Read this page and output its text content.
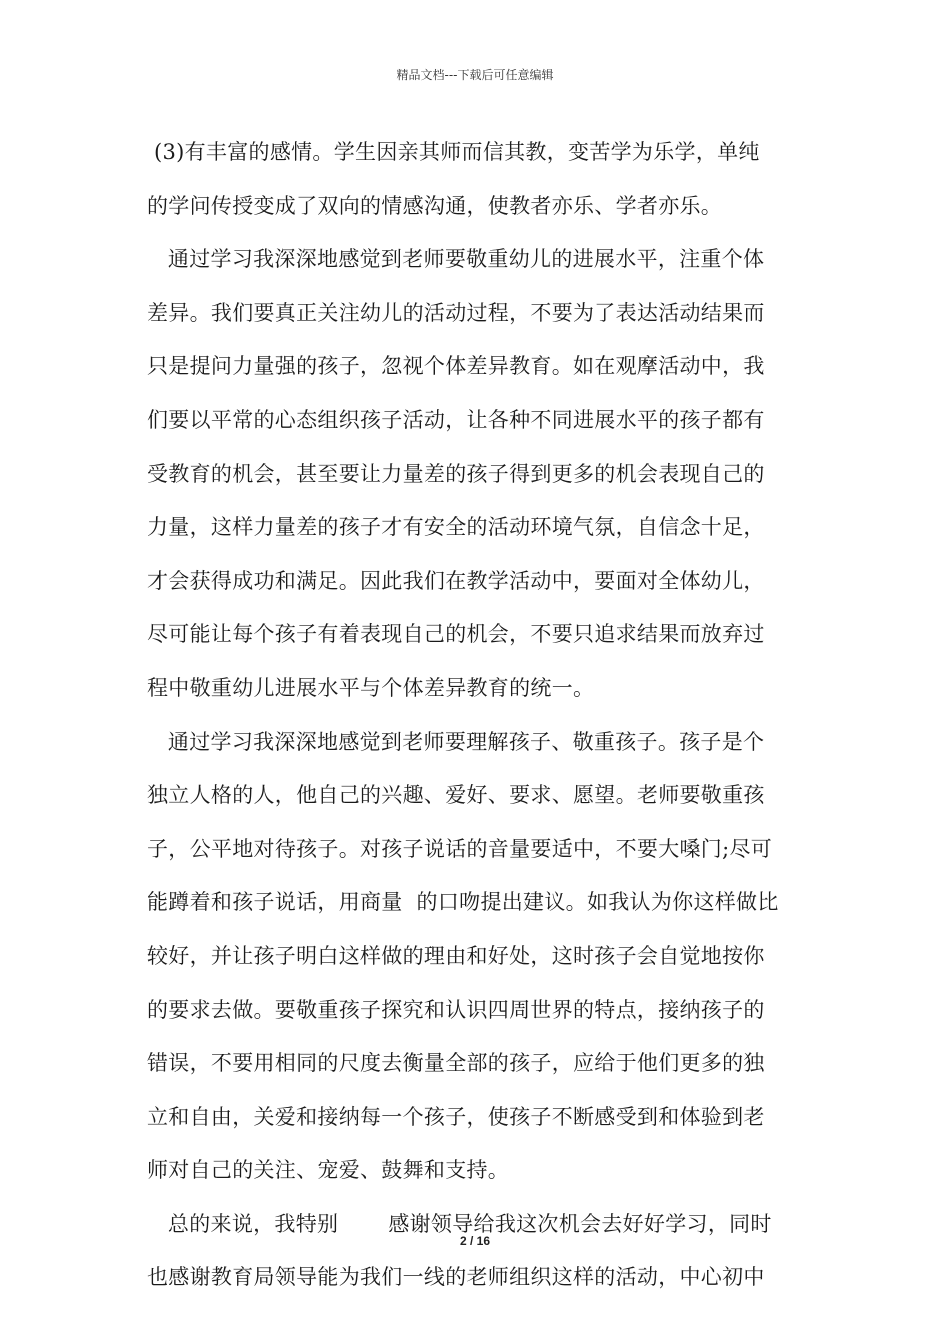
精品文档---下载后可任意编辑
(3)有丰富的感情。学生因亲其师而信其教，变苦学为乐学，单纯
的学问传授变成了双向的情感沟通，使教者亦乐、学者亦乐。
通过学习我深深地感觉到老师要敬重幼儿的进展水平，注重个体
差异。我们要真正关注幼儿的活动过程，不要为了表达活动结果而
只是提问力量强的孩子，忽视个体差异教育。如在观摩活动中，我
们要以平常的心态组织孩子活动，让各种不同进展水平的孩子都有
受教育的机会，甚至要让力量差的孩子得到更多的机会表现自己的
力量，这样力量差的孩子才有安全的活动环境气氛，自信念十足，
才会获得成功和满足。因此我们在教学活动中，要面对全体幼儿，
尽可能让每个孩子有着表现自己的机会，不要只追求结果而放弃过
程中敬重幼儿进展水平与个体差异教育的统一。
通过学习我深深地感觉到老师要理解孩子、敬重孩子。孩子是个
独立人格的人，他自己的兴趣、爱好、要求、愿望。老师要敬重孩
子，公平地对待孩子。对孩子说话的音量要适中，不要大嗓门;尽可
能蹲着和孩子说话，用商量  的口吻提出建议。如我认为你这样做比
较好，并让孩子明白这样做的理由和好处，这时孩子会自觉地按你
的要求去做。要敬重孩子探究和认识四周世界的特点，接纳孩子的
错误，不要用相同的尺度去衡量全部的孩子，应给于他们更多的独
立和自由，关爱和接纳每一个孩子，使孩子不断感受到和体验到老
师对自己的关注、宠爱、鼓舞和支持。
总的来说，我特别 感谢领导给我这次机会去好好学习，同时
也感谢教育局领导能为我们一线的老师组织这样的活动，中心初中
2 / 16
